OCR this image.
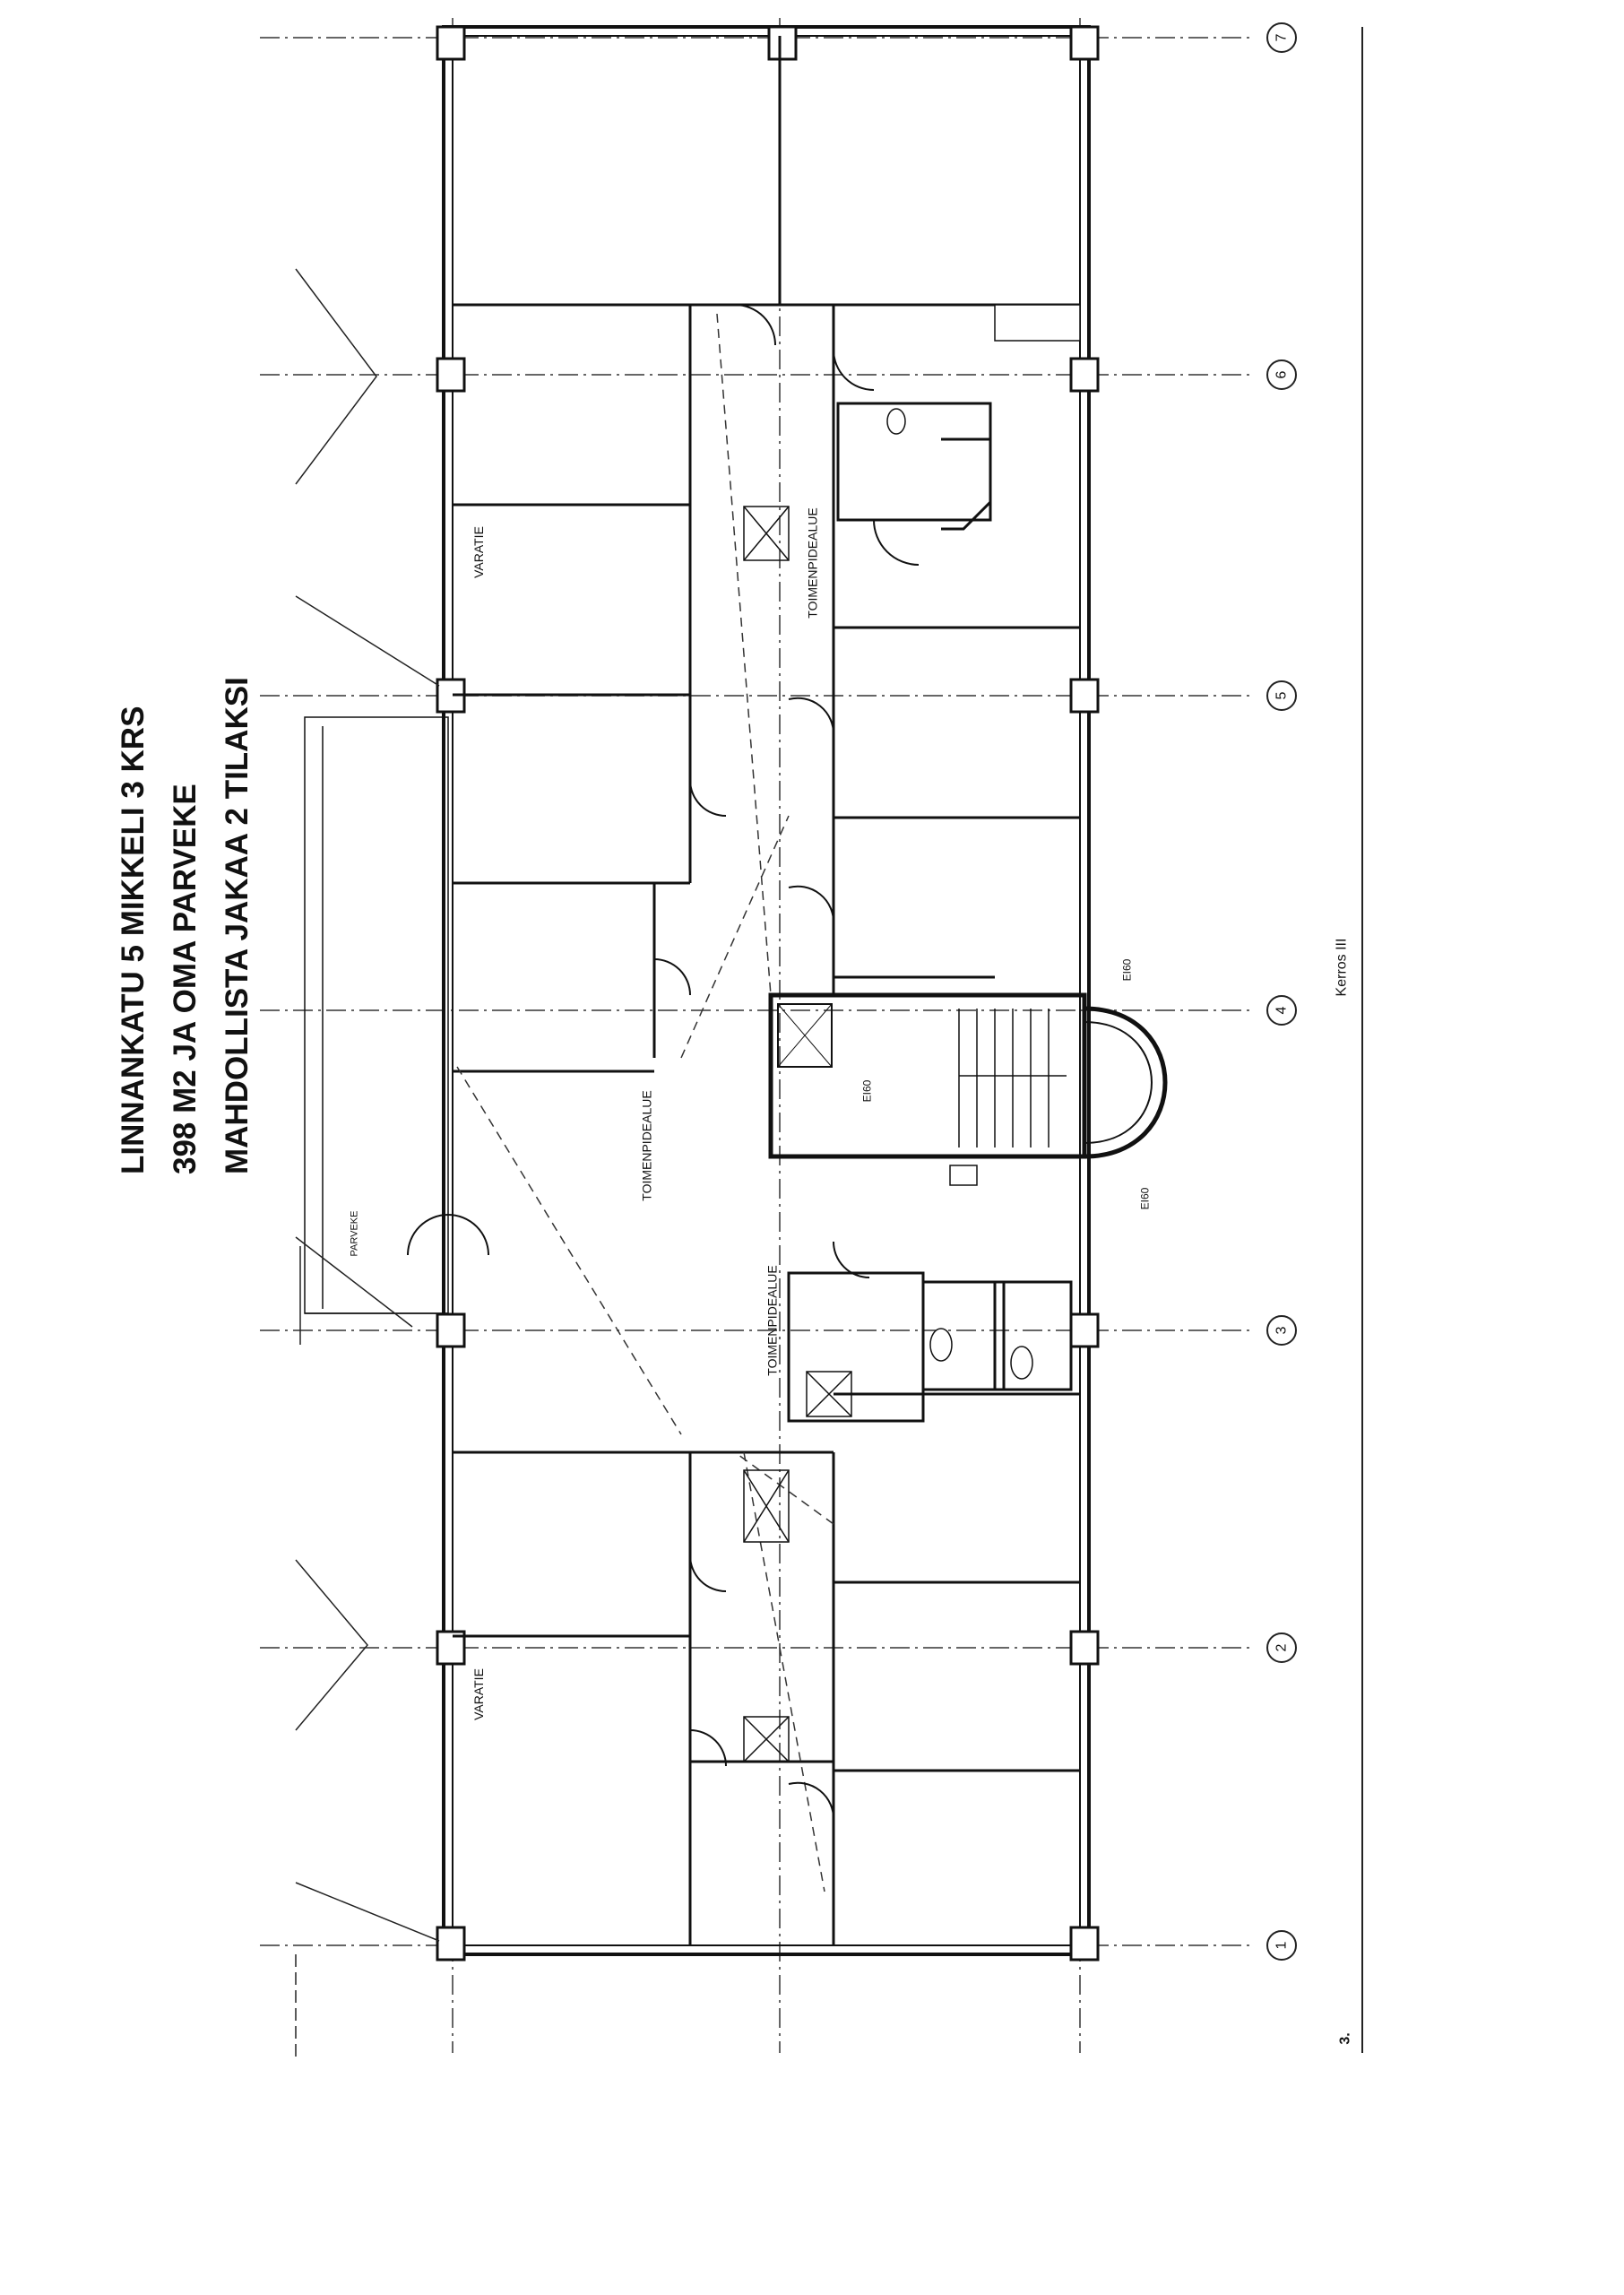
LINNANKATU 5 MIKKELI 3 KRS 398 M2 JA OMA PARVEKE MAHDOLLISTA JAKAA 2 TILAKSI
7
6
5
4
3
2
1
Kerros III
3.
VARATIE
VARATIE
TOIMENPIDEALUE
TOIMENPIDEALUE
TOIMENPIDEALUE
PARVEKE
EI60
EI60
EI60
